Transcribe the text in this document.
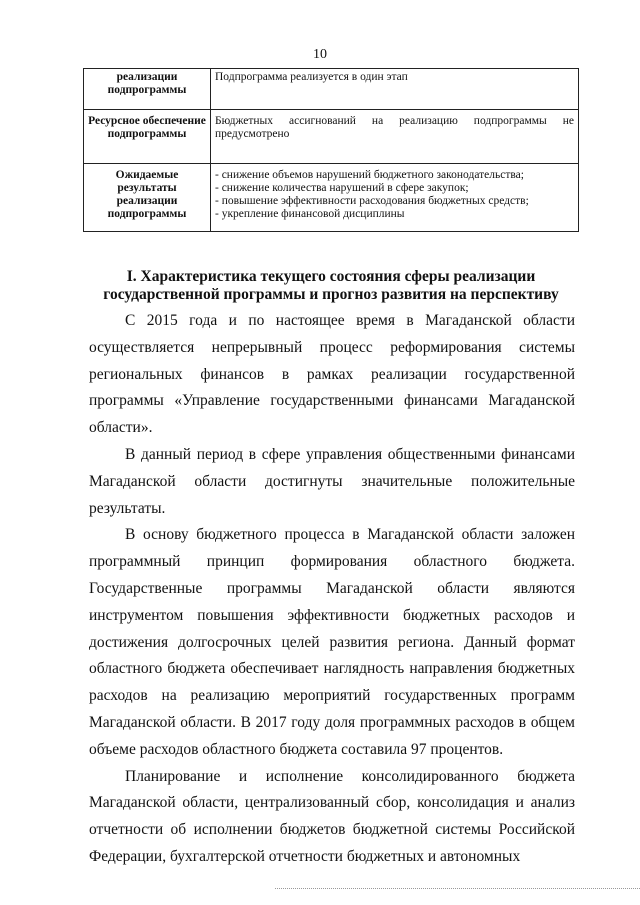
10
реализации подпрограммы	Подпрограмма реализуется в один этап
Ресурсное обеспечение подпрограммы	Бюджетных ассигнований на реализацию подпрограммы не предусмотрено
Ожидаемые результаты реализации подпрограммы	- снижение объемов нарушений бюджетного законодательства;
- снижение количества нарушений в сфере закупок;
- повышение эффективности расходования бюджетных средств;
- укрепление финансовой дисциплины
I. Характеристика текущего состояния сферы реализации
государственной программы и прогноз развития на перспективу

С 2015 года и по настоящее время в Магаданской области осуществляется непрерывный процесс реформирования системы региональных финансов в рамках реализации государственной программы «Управление государственными финансами Магаданской области».

В данный период в сфере управления общественными финансами Магаданской области достигнуты значительные положительные результаты.

В основу бюджетного процесса в Магаданской области заложен программный принцип формирования областного бюджета. Государственные программы Магаданской области являются инструментом повышения эффективности бюджетных расходов и достижения долгосрочных целей развития региона. Данный формат областного бюджета обеспечивает наглядность направления бюджетных расходов на реализацию мероприятий государственных программ Магаданской области. В 2017 году доля программных расходов в общем объеме расходов областного бюджета составила 97 процентов.

Планирование и исполнение консолидированного бюджета Магаданской области, централизованный сбор, консолидация и анализ отчетности об исполнении бюджетов бюджетной системы Российской Федерации, бухгалтерской отчетности бюджетных и автономных
